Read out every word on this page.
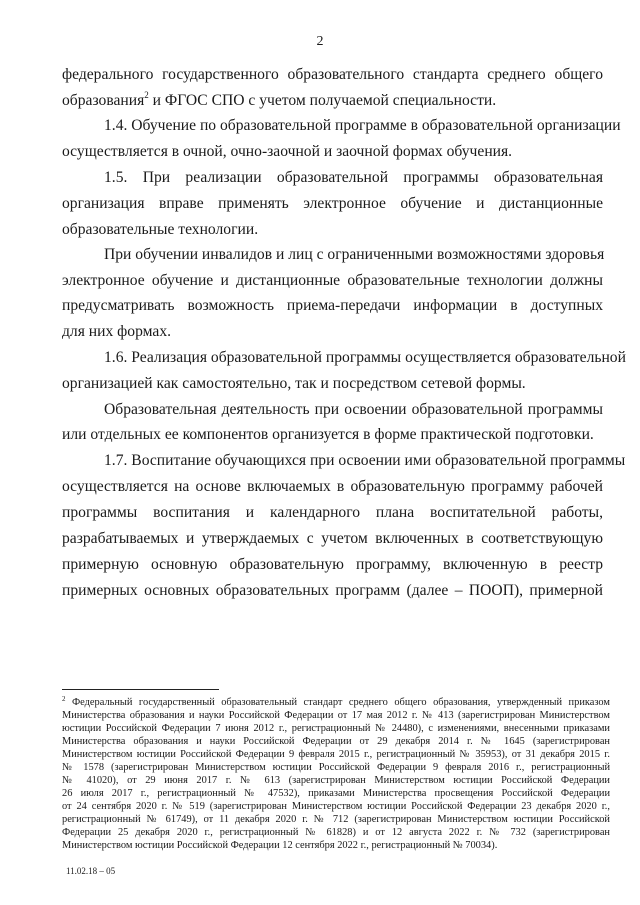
2
федерального государственного образовательного стандарта среднего общего
образования$^2$ и ФГОС СПО с учетом получаемой специальности.
1.4. Обучение по образовательной программе в образовательной организации
осуществляется в очной, очно-заочной и заочной формах обучения.
1.5. При реализации образовательной программы образовательная
организация вправе применять электронное обучение и дистанционные
образовательные технологии.
При обучении инвалидов и лиц с ограниченными возможностями здоровья
электронное обучение и дистанционные образовательные технологии должны
предусматривать возможность приема-передачи информации в доступных
для них формах.
1.6. Реализация образовательной программы осуществляется образовательной
организацией как самостоятельно, так и посредством сетевой формы.
Образовательная деятельность при освоении образовательной программы
или отдельных ее компонентов организуется в форме практической подготовки.
1.7. Воспитание обучающихся при освоении ими образовательной программы
осуществляется на основе включаемых в образовательную программу рабочей
программы воспитания и календарного плана воспитательной работы,
разрабатываемых и утверждаемых с учетом включенных в соответствующую
примерную основную образовательную программу, включенную в реестр
примерных основных образовательных программ (далее – ПООП), примерной
$^2$ Федеральный государственный образовательный стандарт среднего общего образования, утвержденный приказом
Министерства образования и науки Российской Федерации от 17 мая 2012 г. № 413 (зарегистрирован Министерством
юстиции Российской Федерации 7 июня 2012 г., регистрационный № 24480), с изменениями, внесенными приказами
Министерства образования и науки Российской Федерации от 29 декабря 2014 г. № 1645 (зарегистрирован
Министерством юстиции Российской Федерации 9 февраля 2015 г., регистрационный № 35953), от 31 декабря 2015 г.
№ 1578 (зарегистрирован Министерством юстиции Российской Федерации 9 февраля 2016 г., регистрационный
№ 41020), от 29 июня 2017 г. № 613 (зарегистрирован Министерством юстиции Российской Федерации
26 июля 2017 г., регистрационный № 47532), приказами Министерства просвещения Российской Федерации
от 24 сентября 2020 г. № 519 (зарегистрирован Министерством юстиции Российской Федерации 23 декабря 2020 г.,
регистрационный № 61749), от 11 декабря 2020 г. № 712 (зарегистрирован Министерством юстиции Российской
Федерации 25 декабря 2020 г., регистрационный № 61828) и от 12 августа 2022 г. № 732 (зарегистрирован
Министерством юстиции Российской Федерации 12 сентября 2022 г., регистрационный № 70034).
11.02.18 – 05
